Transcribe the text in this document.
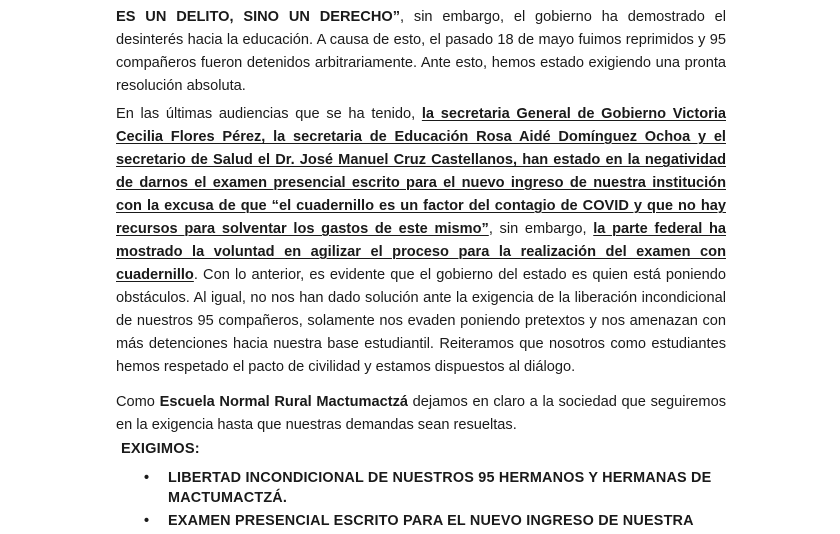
ES UN DELITO, SINO UN DERECHO”, sin embargo, el gobierno ha demostrado el desinterés hacia la educación. A causa de esto, el pasado 18 de mayo fuimos reprimidos y 95 compañeros fueron detenidos arbitrariamente. Ante esto, hemos estado exigiendo una pronta resolución absoluta.

En las últimas audiencias que se ha tenido, la secretaria General de Gobierno Victoria Cecilia Flores Pérez, la secretaria de Educación Rosa Aidé Domínguez Ochoa y el secretario de Salud el Dr. José Manuel Cruz Castellanos, han estado en la negatividad de darnos el examen presencial escrito para el nuevo ingreso de nuestra institución con la excusa de que “el cuadernillo es un factor del contagio de COVID y que no hay recursos para solventar los gastos de este mismo”, sin embargo, la parte federal ha mostrado la voluntad en agilizar el proceso para la realización del examen con cuadernillo. Con lo anterior, es evidente que el gobierno del estado es quien está poniendo obstáculos. Al igual, no nos han dado solución ante la exigencia de la liberación incondicional de nuestros 95 compañeros, solamente nos evaden poniendo pretextos y nos amenazan con más detenciones hacia nuestra base estudiantil. Reiteramos que nosotros como estudiantes hemos respetado el pacto de civilidad y estamos dispuestos al diálogo.

Como Escuela Normal Rural Mactumactzá dejamos en claro a la sociedad que seguiremos en la exigencia hasta que nuestras demandas sean resueltas.

EXIGIMOS:

• LIBERTAD INCONDICIONAL DE NUESTROS 95 HERMANOS Y HERMANAS DE MACTUMACTZÁ.
• EXAMEN PRESENCIAL ESCRITO PARA EL NUEVO INGRESO DE NUESTRA
